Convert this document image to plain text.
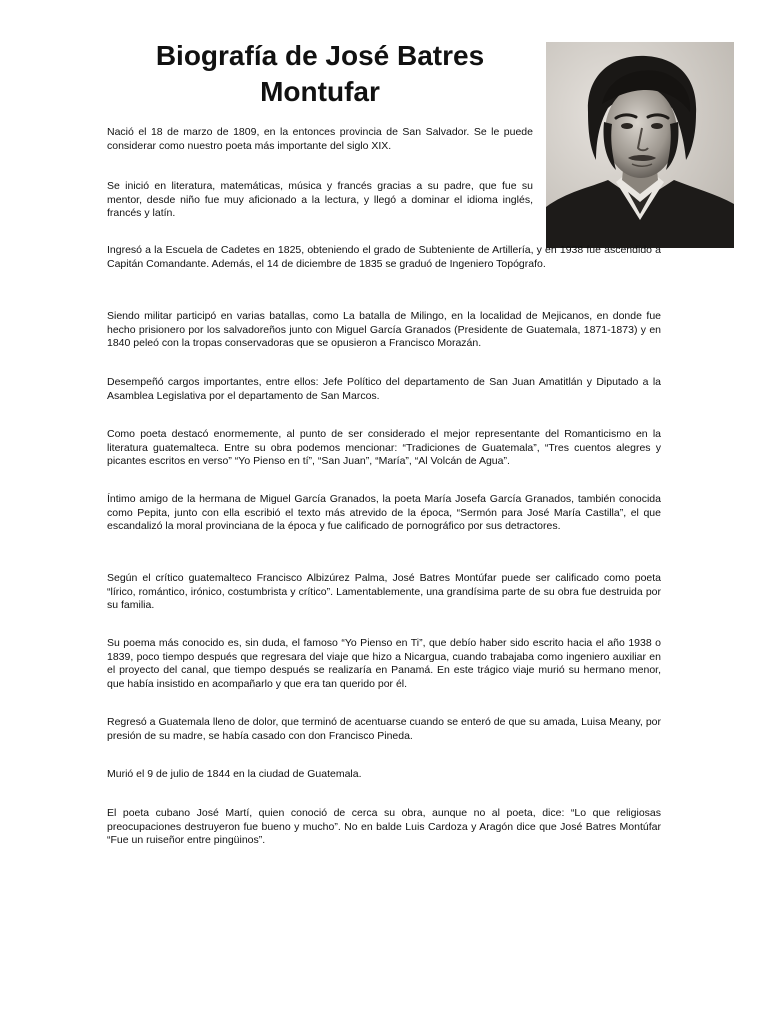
Biografía de José Batres Montufar

Nació el 18 de marzo de 1809, en la entonces provincia de San Salvador. Se le puede considerar como nuestro poeta más importante del siglo XIX.

Se inició en literatura, matemáticas, música y francés gracias a su padre, que fue su mentor, desde niño fue muy aficionado a la lectura, y llegó a dominar el idioma inglés, francés y latín.

Ingresó a la Escuela de Cadetes en 1825, obteniendo el grado de Subteniente de Artillería, y en 1938 fue ascendido a Capitán Comandante. Además, el 14 de diciembre de 1835 se graduó de Ingeniero Topógrafo.

Siendo militar participó en varias batallas, como La batalla de Milingo, en la localidad de Mejicanos, en donde fue hecho prisionero por los salvadoreños junto con Miguel García Granados (Presidente de Guatemala, 1871-1873) y en 1840 peleó con la tropas conservadoras que se opusieron a Francisco Morazán.

Desempeñó cargos importantes, entre ellos: Jefe Político del departamento de San Juan Amatitlán y Diputado a la Asamblea Legislativa por el departamento de San Marcos.

Como poeta destacó enormemente, al punto de ser considerado el mejor representante del Romanticismo en la literatura guatemalteca. Entre su obra podemos mencionar: “Tradiciones de Guatemala”, “Tres cuentos alegres y picantes escritos en verso” “Yo Pienso en tí”, “San Juan”, “María”, “Al Volcán de Agua”.

Íntimo amigo de la hermana de Miguel García Granados, la poeta María Josefa García Granados, también conocida como Pepita, junto con ella escribió el texto más atrevido de la época, “Sermón para José María Castilla”, el que escandalizó la moral provinciana de la época y fue calificado de pornográfico por sus detractores.

Según el crítico guatemalteco Francisco Albizúrez Palma, José Batres Montúfar puede ser calificado como poeta “lírico, romántico, irónico, costumbrista y crítico”. Lamentablemente, una grandísima parte de su obra fue destruida por su familia.

Su poema más conocido es, sin duda, el famoso “Yo Pienso en Ti”, que debío haber sido escrito hacia el año 1938 o 1839, poco tiempo después que regresara del viaje que hizo a Nicargua, cuando trabajaba como ingeniero auxiliar en el proyecto del canal, que tiempo después se realizaría en Panamá. En este trágico viaje murió su hermano menor, que había insistido en acompañarlo y que era tan querido por él.

Regresó a Guatemala lleno de dolor, que terminó de acentuarse cuando se enteró de que su amada, Luisa Meany, por presión de su madre, se había casado con don Francisco Pineda.

Murió el 9 de julio de 1844 en la ciudad de Guatemala.

El poeta cubano José Martí, quien conoció de cerca su obra, aunque no al poeta, dice: “Lo que religiosas preocupaciones destruyeron fue bueno y mucho”. No en balde Luis Cardoza y Aragón dice que José Batres Montúfar “Fue un ruiseñor entre pingüinos”.
